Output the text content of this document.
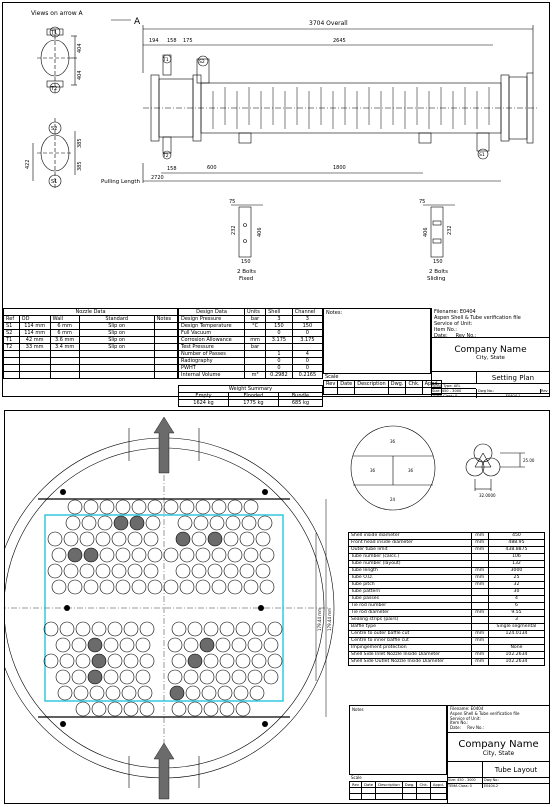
Views on arrow A
A
T1
T2
404
404
S2
S1
385
385
422
3704 Overall
194 158 175	2645
T1	S2
T2	S1
158	600	1800
2720
Pulling Length
75
232	406
150
2 Bolts
Fixed
75
232
406
150
2 Bolts
Sliding
Nozzle Data				
Ref	OD	Wall	Standard	Notes
S1	114 mm	6 mm	Slip on	
S2	114 mm	6 mm	Slip on	
T1	42 mm	3.6 mm	Slip on	
T2	33 mm	3.4 mm	Slip on	

Design Data	Units	Shell	Channel
Design Pressure	bar	3	3
Design Temperature	°C	150	150
Full Vacuum		0	0
Corrosion Allowance	mm	3.175	3.175
Test Pressure	bar		
Number of Passes		1	4
Radiography		0	0
PWHT		0	0
Internal Volume	m³	0.2982	0.2165
Weight Summary		
Empty	Flooded	Bundle
1624 kg	1775 kg	685 kg
Notes:
Scale
Rev	Date	Description	Dwg.	Chk.	Appd.

Filename: E0404
Aspen Shell & Tube verification file
Service of Unit:
Item No.:
Date: Rev No.:
Company Name
City, State
Setting Plan
TEMA Type: AEL
Size: 450 - 3000	Dwg No.:	Rev
TEMA Class: 0	E0404.1
179.44 mm
179.44 mm
36
36	36
24
25.00
32.0000
Shell inside diameter	mm	450
Front head inside diameter	mm	488.95
Outer tube limit	mm	438.8875
Tube number (calcs.)		106
Tube number (layout)		132
Tube length	mm	3000
Tube O.D.	mm	25
Tube pitch	mm	32
Tube pattern		30
Tube passes		4
Tie rod number		6
Tie rod diameter	mm	9.55
Sealing strips (pairs)		3
Baffle type		Single segmental
Centre to outer baffle cut	mm	124.0134
Centre to inner baffle cut	mm	
Impingement protection		None
Shell Side Inlet Nozzle Inside Diameter	mm	102.2634
Shell Side Outlet Nozzle Inside Diameter	mm	102.2634
Notes
Scale
Rev	Date	Description	Dwg.	Chk.	Appd.

Filename: E0404
Aspen Shell & Tube verification file
Service of Unit:
Item No.:
Date: Rev No.:
Company Name
City, State
Tube Layout
Size: 450 - 3000	Dwg No.:
TEMA Class: 0	E0404.2
